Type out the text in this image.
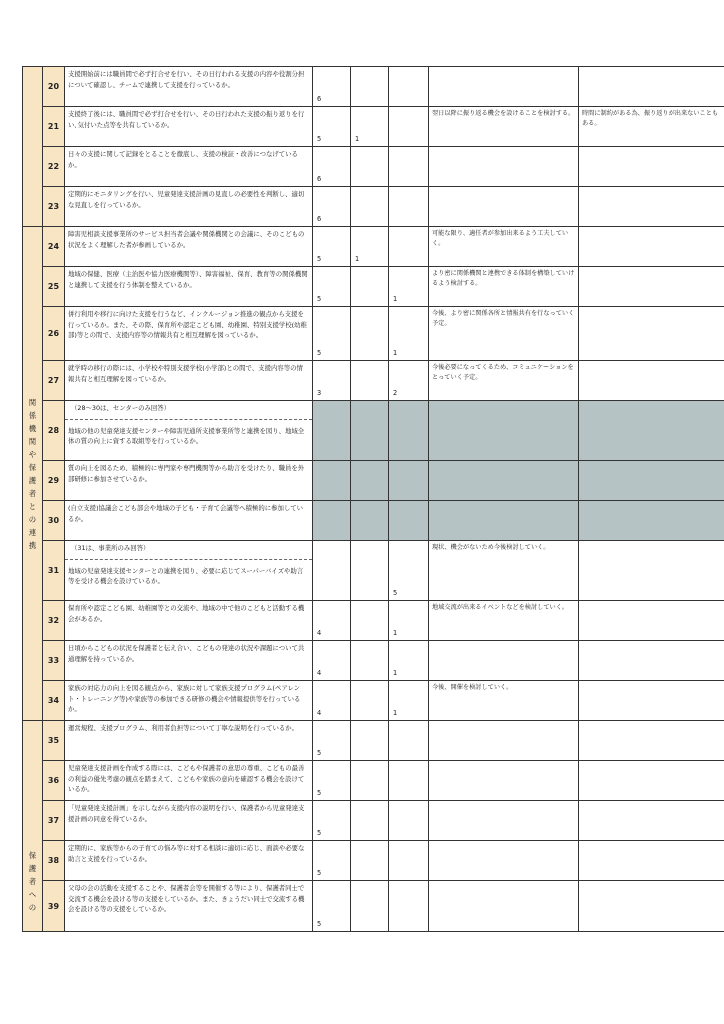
	20	支援開始前には職員間で必ず打合せを行い、その日行われる支援の内容や役割分担について確認し、チームで連携して支援を行っているか。	6				
	21	支援終了後には、職員間で必ず打合せを行い、その日行われた支援の振り返りを行い､気付いた点等を共有しているか。	5	1		翌日以降に振り返る機会を設けることを検討する。	時間に制約がある為、振り返りが出来ないこともある。
	22	日々の支援に関して記録をとることを徹底し、支援の検証・改善につなげているか。	6				
	23	定期的にモニタリングを行い、児童発達支援計画の見直しの必要性を判断し、適切な見直しを行っているか。	6				

関係機関や保護者との連携	24	障害児相談支援事業所のサービス担当者会議や関係機関との会議に、そのこどもの状況をよく理解した者が参画しているか。	5	1		可能な限り、適任者が参加出来るよう工夫していく。	
	25	地域の保健、医療（主治医や協力医療機関等）、障害福祉、保育、教育等の関係機関と連携して支援を行う体制を整えているか。	5		1	より密に関係機関と連携できる体制を構築していけるよう検討する。	
	26	併行利用や移行に向けた支援を行うなど、インクルージョン推進の観点から支援を行っているか。また、その際、保育所や認定こども園、幼稚園、特別支援学校(幼稚部)等との間で、支援内容等の情報共有と相互理解を図っているか。	5		1	今後、より密に関係各所と情報共有を行なっていく予定。	
	27	就学時の移行の際には、小学校や特別支援学校(小学部)との間で、支援内容等の情報共有と相互理解を図っているか。	3		2	今後必要になってくるため、コミュニケーションをとっていく予定。	
	28	（28～30は、センターのみ回答）
地域の他の児童発達支援センターや障害児通所支援事業所等と連携を図り、地域全体の質の向上に資する取組等を行っているか。					
	29	質の向上を図るため、積極的に専門家や専門機関等から助言を受けたり、職員を外部研修に参加させているか。					
	30	(自立支援)協議会こども部会や地域の子ども・子育て会議等へ積極的に参加しているか。					
	31	（31は、事業所のみ回答）
地域の児童発達支援センターとの連携を図り、必要に応じてスーパーバイズや助言等を受ける機会を設けているか。			5	現状、機会がないため今後検討していく。	
	32	保育所や認定こども園、幼稚園等との交流や、地域の中で他のこどもと活動する機会があるか。	4		1	地域交流が出来るイベントなどを検討していく。	
	33	日頃からこどもの状況を保護者と伝え合い、こどもの発達の状況や課題について共通理解を持っているか。	4		1		
	34	家族の対応力の向上を図る観点から、家族に対して家族支援プログラム(ペアレント・トレーニング等)や家族等の参加できる研修の機会や情報提供等を行っているか。	4		1	今後、開催を検討していく。	

保護者への	35	運営規程、支援プログラム、利用者負担等について丁寧な説明を行っているか。	5				
	36	児童発達支援計画を作成する際には、こどもや保護者の意思の尊重、こどもの最善の利益の優先考慮の観点を踏まえて、こどもや家族の意向を確認する機会を設けているか。	5				
	37	「児童発達支援計画」を示しながら支援内容の説明を行い、保護者から児童発達支援計画の同意を得ているか。	5				
	38	定期的に、家族等からの子育ての悩み等に対する相談に適切に応じ、面談や必要な助言と支援を行っているか。	5				
	39	父母の会の活動を支援することや、保護者会等を開催する等により、保護者同士で交流する機会を設ける等の支援をしているか。また、きょうだい同士で交流する機会を設ける等の支援をしているか。	5				
